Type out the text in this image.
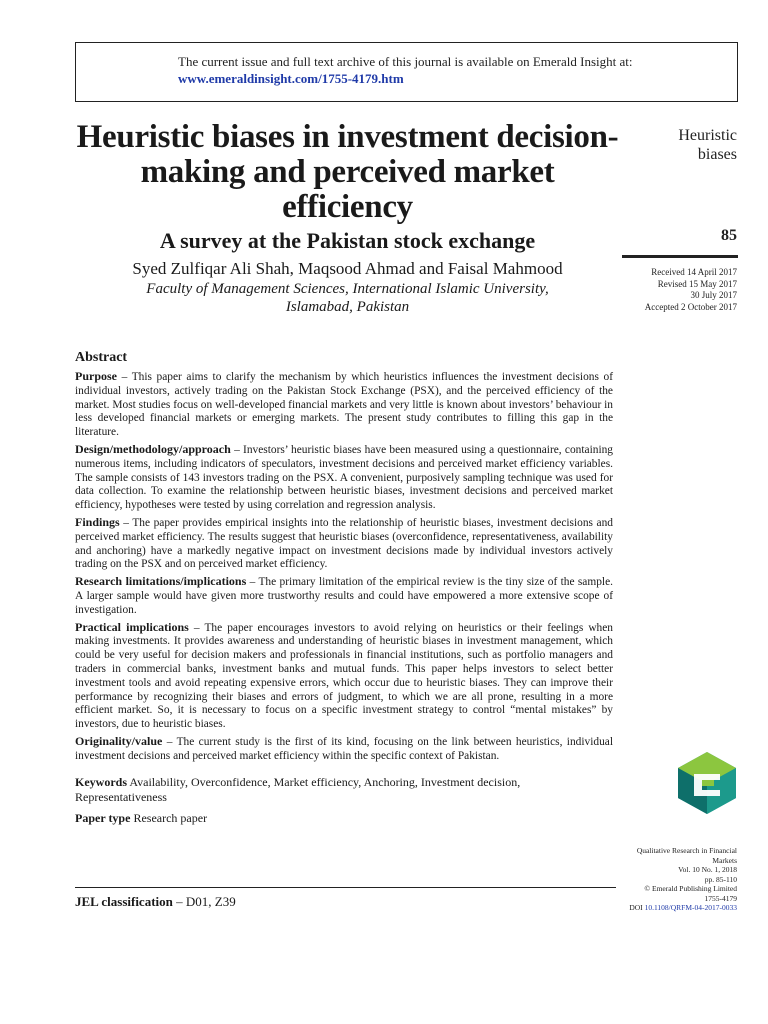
The current issue and full text archive of this journal is available on Emerald Insight at:
www.emeraldinsight.com/1755-4179.htm
Heuristic biases in investment decision-making and perceived market efficiency
A survey at the Pakistan stock exchange
Syed Zulfiqar Ali Shah, Maqsood Ahmad and Faisal Mahmood
Faculty of Management Sciences, International Islamic University,
Islamabad, Pakistan
Heuristic
biases
85
Received 14 April 2017
Revised 15 May 2017
30 July 2017
Accepted 2 October 2017
Abstract

Purpose – This paper aims to clarify the mechanism by which heuristics influences the investment decisions of individual investors, actively trading on the Pakistan Stock Exchange (PSX), and the perceived efficiency of the market. Most studies focus on well-developed financial markets and very little is known about investors’ behaviour in less developed financial markets or emerging markets. The present study contributes to filling this gap in the literature.

Design/methodology/approach – Investors’ heuristic biases have been measured using a questionnaire, containing numerous items, including indicators of speculators, investment decisions and perceived market efficiency variables. The sample consists of 143 investors trading on the PSX. A convenient, purposively sampling technique was used for data collection. To examine the relationship between heuristic biases, investment decisions and perceived market efficiency, hypotheses were tested by using correlation and regression analysis.

Findings – The paper provides empirical insights into the relationship of heuristic biases, investment decisions and perceived market efficiency. The results suggest that heuristic biases (overconfidence, representativeness, availability and anchoring) have a markedly negative impact on investment decisions made by individual investors actively trading on the PSX and on perceived market efficiency.

Research limitations/implications – The primary limitation of the empirical review is the tiny size of the sample. A larger sample would have given more trustworthy results and could have empowered a more extensive scope of investigation.

Practical implications – The paper encourages investors to avoid relying on heuristics or their feelings when making investments. It provides awareness and understanding of heuristic biases in investment management, which could be very useful for decision makers and professionals in financial institutions, such as portfolio managers and traders in commercial banks, investment banks and mutual funds. This paper helps investors to select better investment tools and avoid repeating expensive errors, which occur due to heuristic biases. They can improve their performance by recognizing their biases and errors of judgment, to which we are all prone, resulting in a more efficient market. So, it is necessary to focus on a specific investment strategy to control “mental mistakes” by investors, due to heuristic biases.

Originality/value – The current study is the first of its kind, focusing on the link between heuristics, individual investment decisions and perceived market efficiency within the specific context of Pakistan.

Keywords Availability, Overconfidence, Market efficiency, Anchoring, Investment decision, Representativeness
Paper type Research paper
Qualitative Research in Financial
Markets
Vol. 10 No. 1, 2018
pp. 85-110
© Emerald Publishing Limited
1755-4179
DOI 10.1108/QRFM-04-2017-0033
JEL classification – D01, Z39
